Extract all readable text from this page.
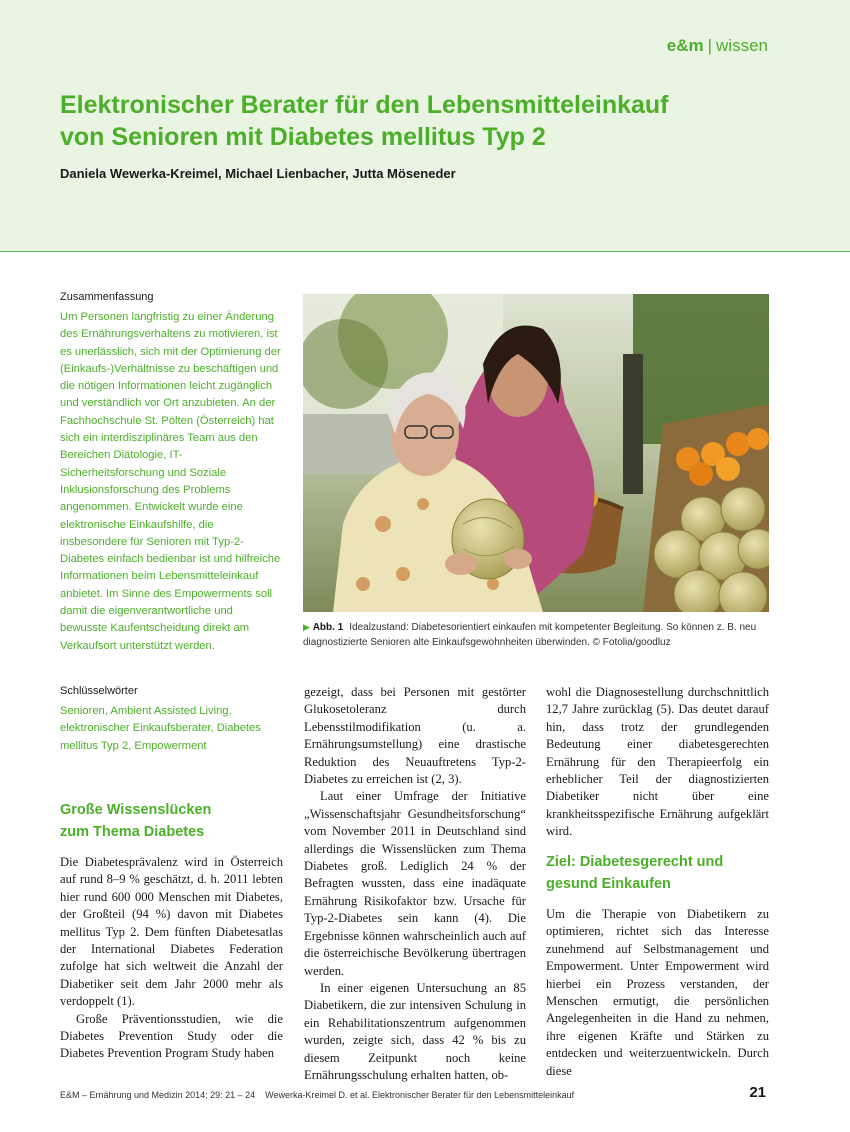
e&m | wissen
Elektronischer Berater für den Lebensmitteleinkauf
von Senioren mit Diabetes mellitus Typ 2

Daniela Wewerka-Kreimel, Michael Lienbacher, Jutta Möseneder

Zusammenfassung

Um Personen langfristig zu einer Änderung des Ernährungsverhaltens zu motivieren, ist es unerlässlich, sich mit der Optimierung der (Einkaufs-)Verhältnisse zu beschäftigen und die nötigen Informationen leicht zugänglich und verständlich vor Ort anzubieten. An der Fachhochschule St. Pölten (Österreich) hat sich ein interdisziplinäres Team aus den Bereichen Diätologie, IT-Sicherheitsforschung und Soziale Inklusionsforschung des Problems angenommen. Entwickelt wurde eine elektronische Einkaufshilfe, die insbesondere für Senioren mit Typ-2-Diabetes einfach bedienbar ist und hilfreiche Informationen beim Lebensmitteleinkauf anbietet. Im Sinne des Empowerments soll damit die eigenverantwortliche und bewusste Kaufentscheidung direkt am Verkaufsort unterstützt werden.

Schlüsselwörter

Senioren, Ambient Assisted Living, elektronischer Einkaufsberater, Diabetes mellitus Typ 2, Empowerment

Große Wissenslücken

zum Thema Diabetes

Die Diabetesprävalenz wird in Österreich auf rund 8–9 % geschätzt, d. h. 2011 lebten hier rund 600 000 Menschen mit Diabetes, der Großteil (94 %) davon mit Diabetes mellitus Typ 2. Dem fünften Diabetesatlas der International Diabetes Federation zufolge hat sich weltweit die Anzahl der Diabetiker seit dem Jahr 2000 mehr als verdoppelt (1).

Große Präventionsstudien, wie die Diabetes Prevention Study oder die Diabetes Prevention Program Study haben

▶ Abb. 1 Idealzustand: Diabetesorientiert einkaufen mit kompetenter Begleitung. So können z. B. neu diagnostizierte Senioren alte Einkaufsgewohnheiten überwinden. © Fotolia/goodluz

gezeigt, dass bei Personen mit gestörter Glukosetoleranz durch Lebensstilmodifikation (u. a. Ernährungsumstellung) eine drastische Reduktion des Neuauftretens Typ-2-Diabetes zu erreichen ist (2, 3).

Laut einer Umfrage der Initiative „Wissenschaftsjahr Gesundheitsforschung“ vom November 2011 in Deutschland sind allerdings die Wissenslücken zum Thema Diabetes groß. Lediglich 24 % der Befragten wussten, dass eine inadäquate Ernährung Risikofaktor bzw. Ursache für Typ-2-Diabetes sein kann (4). Die Ergebnisse können wahrscheinlich auch auf die österreichische Bevölkerung übertragen werden.

In einer eigenen Untersuchung an 85 Diabetikern, die zur intensiven Schulung in ein Rehabilitationszentrum aufgenommen wurden, zeigte sich, dass 42 % bis zu diesem Zeitpunkt noch keine Ernährungsschulung erhalten hatten, ob-

wohl die Diagnosestellung durchschnittlich 12,7 Jahre zurücklag (5). Das deutet darauf hin, dass trotz der grundlegenden Bedeutung einer diabetesgerechten Ernährung für den Therapieerfolg ein erheblicher Teil der diagnostizierten Diabetiker nicht über eine krankheitsspezifische Ernährung aufgeklärt wird.

Ziel: Diabetesgerecht und

gesund Einkaufen

Um die Therapie von Diabetikern zu optimieren, richtet sich das Interesse zunehmend auf Selbstmanagement und Empowerment. Unter Empowerment wird hierbei ein Prozess verstanden, der Menschen ermutigt, die persönlichen Angelegenheiten in die Hand zu nehmen, ihre eigenen Kräfte und Stärken zu entdecken und weiterzuentwickeln. Durch diese

E&M – Ernährung und Medizin 2014; 29: 21 – 24 Wewerka-Kreimel D. et al. Elektronischer Berater für den Lebensmitteleinkauf	21
